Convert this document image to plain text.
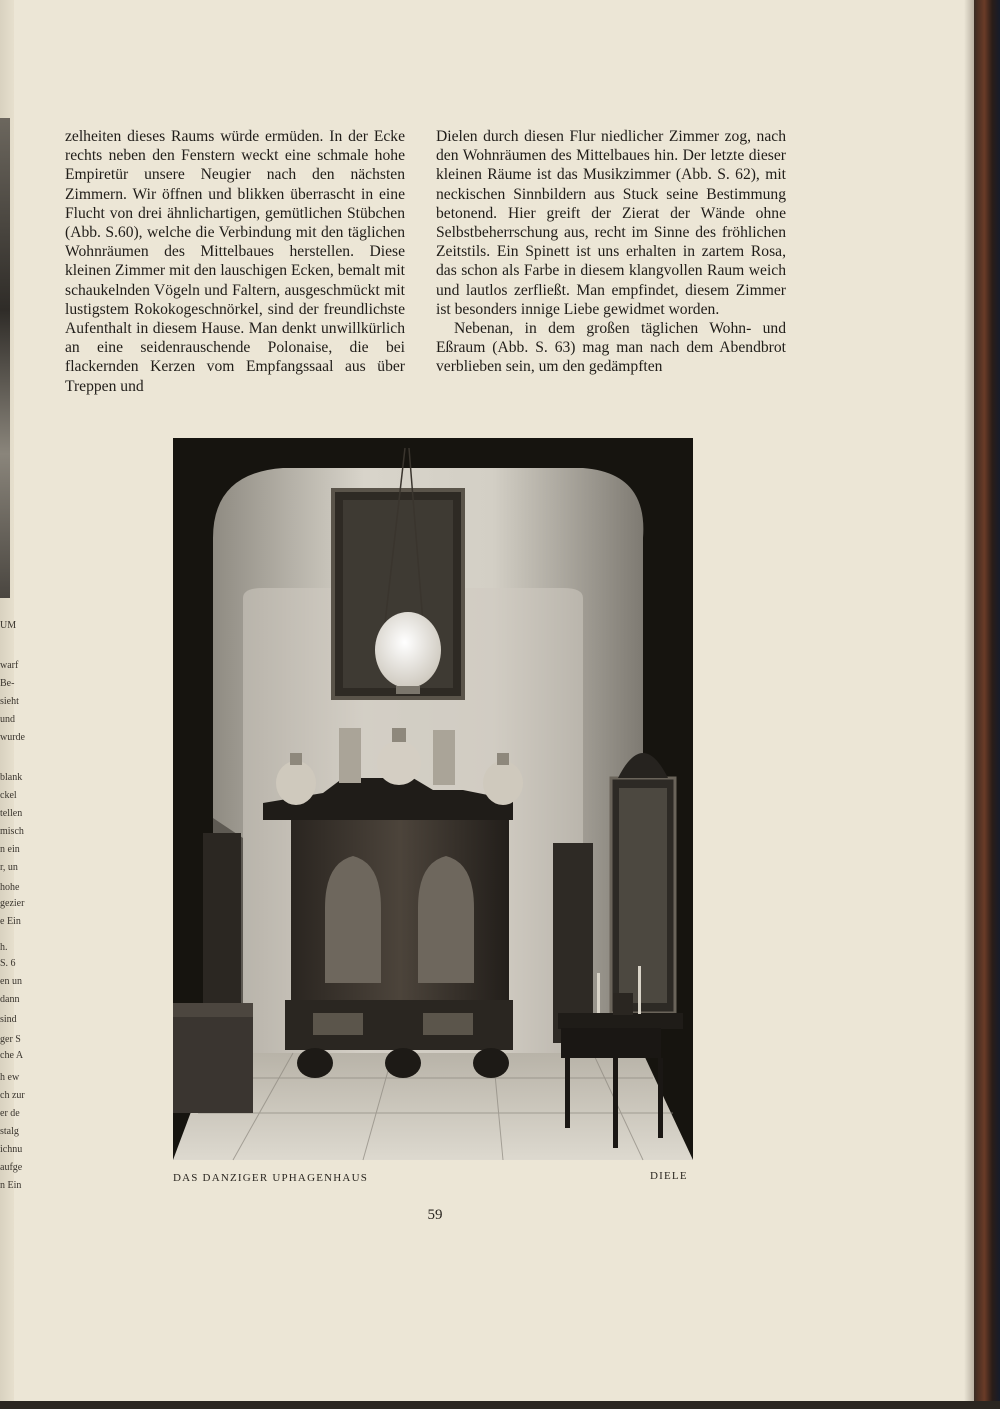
UM
warf
Be-
sieht
und
wurde
blank
ckel
tellen
misch
n ein
r, un
hohe
gezier
e Ein
h.
S. 6
en un
dann
sind
ger S
che A
h ew
ch zur
er de
stalg
ichnu
aufge
n Ein

zelheiten dieses Raums würde ermüden. In der Ecke rechts neben den Fenstern weckt eine schmale hohe Empiretür unsere Neugier nach den nächsten Zimmern. Wir öffnen und blikken überrascht in eine Flucht von drei ähnlichartigen, gemütlichen Stübchen (Abb. S.60), welche die Verbindung mit den täglichen Wohnräumen des Mittelbaues herstellen. Diese kleinen Zimmer mit den lauschigen Ecken, bemalt mit schaukelnden Vögeln und Faltern, ausgeschmückt mit lustigstem Rokokogeschnörkel, sind der freundlichste Aufenthalt in diesem Hause. Man denkt unwillkürlich an eine seidenrauschende Polonaise, die bei flackernden Kerzen vom Empfangssaal aus über Treppen und

Dielen durch diesen Flur niedlicher Zimmer zog, nach den Wohnräumen des Mittelbaues hin. Der letzte dieser kleinen Räume ist das Musikzimmer (Abb. S. 62), mit neckischen Sinnbildern aus Stuck seine Bestimmung betonend. Hier greift der Zierat der Wände ohne Selbstbeherrschung aus, recht im Sinne des fröhlichen Zeitstils. Ein Spinett ist uns erhalten in zartem Rosa, das schon als Farbe in diesem klangvollen Raum weich und lautlos zerfließt. Man empfindet, diesem Zimmer ist besonders innige Liebe gewidmet worden.

Nebenan, in dem großen täglichen Wohn- und Eßraum (Abb. S. 63) mag man nach dem Abendbrot verblieben sein, um den gedämpften

DAS DANZIGER UPHAGENHAUS	DIELE
59
